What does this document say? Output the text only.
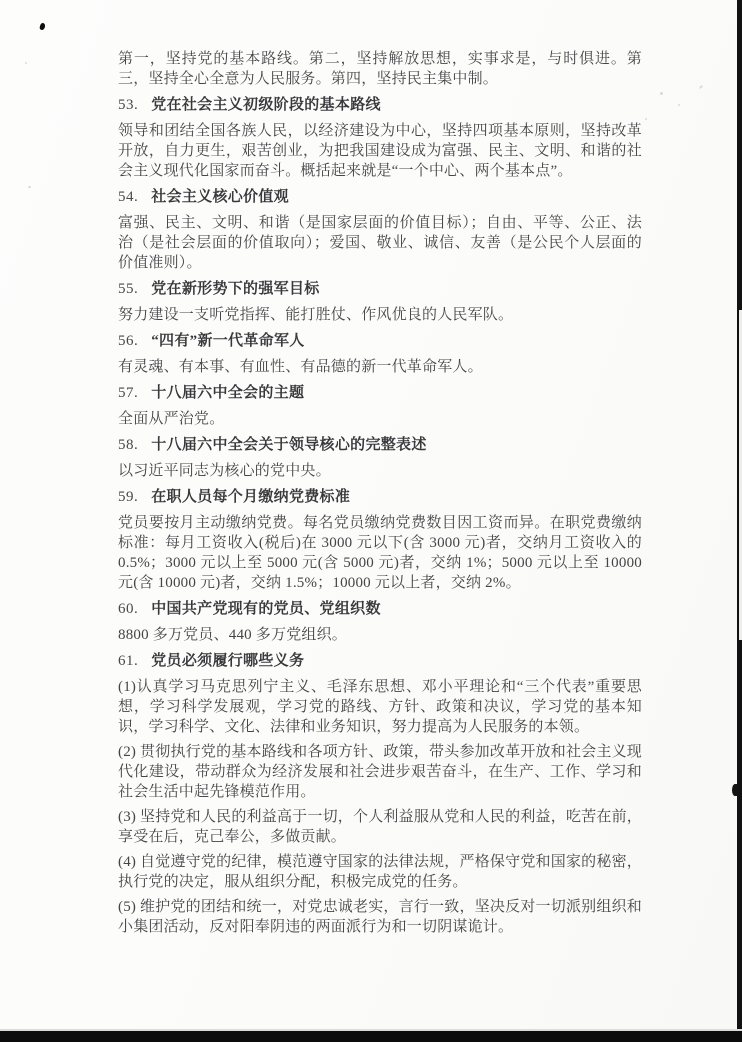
第一，坚持党的基本路线。第二，坚持解放思想，实事求是，与时俱进。第三，坚持全心全意为人民服务。第四，坚持民主集中制。

53. 党在社会主义初级阶段的基本路线

领导和团结全国各族人民，以经济建设为中心，坚持四项基本原则，坚持改革开放，自力更生，艰苦创业，为把我国建设成为富强、民主、文明、和谐的社会主义现代化国家而奋斗。概括起来就是“一个中心、两个基本点”。

54. 社会主义核心价值观

富强、民主、文明、和谐（是国家层面的价值目标）；自由、平等、公正、法治（是社会层面的价值取向）；爱国、敬业、诚信、友善（是公民个人层面的价值准则）。

55. 党在新形势下的强军目标

努力建设一支听党指挥、能打胜仗、作风优良的人民军队。

56. “四有”新一代革命军人

有灵魂、有本事、有血性、有品德的新一代革命军人。

57. 十八届六中全会的主题

全面从严治党。

58. 十八届六中全会关于领导核心的完整表述

以习近平同志为核心的党中央。

59. 在职人员每个月缴纳党费标准

党员要按月主动缴纳党费。每名党员缴纳党费数目因工资而异。在职党费缴纳标准：每月工资收入(税后)在 3000 元以下(含 3000 元)者，交纳月工资收入的 0.5%；3000 元以上至 5000 元(含 5000 元)者，交纳 1%；5000 元以上至 10000 元(含 10000 元)者，交纳 1.5%；10000 元以上者，交纳 2%。

60. 中国共产党现有的党员、党组织数

8800 多万党员、440 多万党组织。

61. 党员必须履行哪些义务

(1)认真学习马克思列宁主义、毛泽东思想、邓小平理论和“三个代表”重要思想，学习科学发展观，学习党的路线、方针、政策和决议，学习党的基本知识，学习科学、文化、法律和业务知识，努力提高为人民服务的本领。

(2) 贯彻执行党的基本路线和各项方针、政策，带头参加改革开放和社会主义现代化建设，带动群众为经济发展和社会进步艰苦奋斗，在生产、工作、学习和社会生活中起先锋模范作用。

(3) 坚持党和人民的利益高于一切，个人利益服从党和人民的利益，吃苦在前，享受在后，克己奉公，多做贡献。

(4) 自觉遵守党的纪律，模范遵守国家的法律法规，严格保守党和国家的秘密，执行党的决定，服从组织分配，积极完成党的任务。

(5) 维护党的团结和统一，对党忠诚老实，言行一致，坚决反对一切派别组织和小集团活动，反对阳奉阴违的两面派行为和一切阴谋诡计。
